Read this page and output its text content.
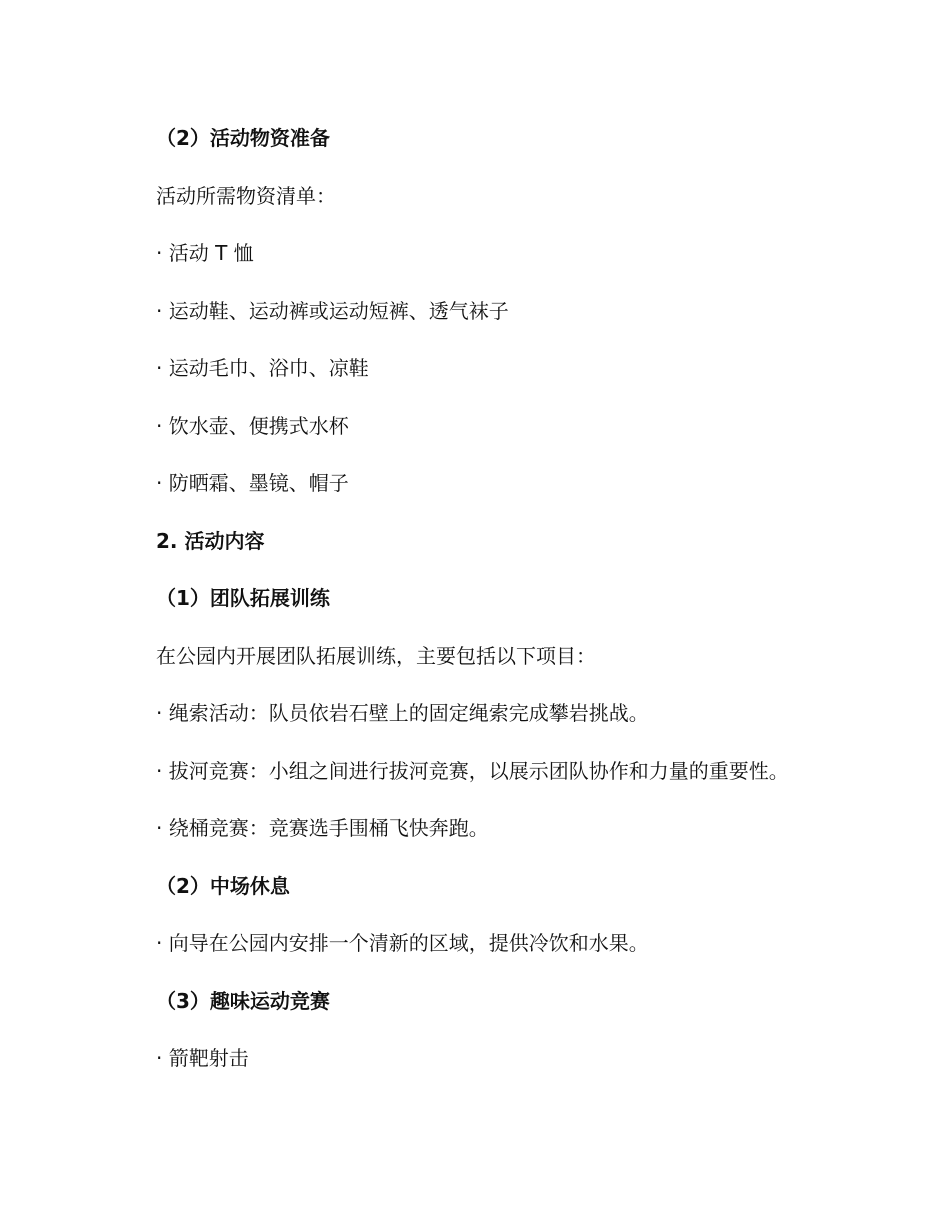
（2）活动物资准备
活动所需物资清单：
· 活动 T 恤
· 运动鞋、运动裤或运动短裤、透气袜子
· 运动毛巾、浴巾、凉鞋
· 饮水壶、便携式水杯
· 防晒霜、墨镜、帽子
2. 活动内容
（1）团队拓展训练
在公园内开展团队拓展训练，主要包括以下项目：
· 绳索活动：队员依岩石壁上的固定绳索完成攀岩挑战。
· 拔河竞赛：小组之间进行拔河竞赛，以展示团队协作和力量的重要性。
· 绕桶竞赛：竞赛选手围桶飞快奔跑。
（2）中场休息
· 向导在公园内安排一个清新的区域，提供冷饮和水果。
（3）趣味运动竞赛
· 箭靶射击
